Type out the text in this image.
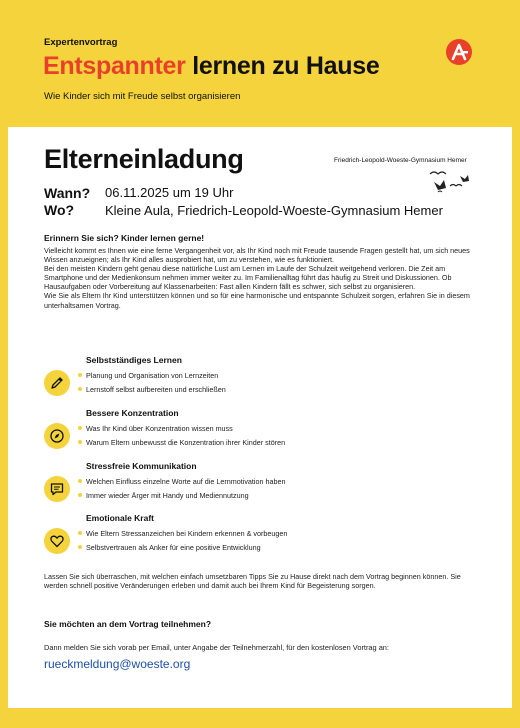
Expertenvortrag
Entspannter lernen zu Hause
Wie Kinder sich mit Freude selbst organisieren
Elterneinladung	Friedrich-Leopold-Woeste-Gymnasium Hemer
Wann? 06.11.2025 um 19 Uhr
Wo? Kleine Aula, Friedrich-Leopold-Woeste-Gymnasium Hemer
Erinnern Sie sich? Kinder lernen gerne!

Vielleicht kommt es Ihnen wie eine ferne Vergangenheit vor, als Ihr Kind noch mit Freude tausende Fragen gestellt hat, um sich neues Wissen anzueignen; als Ihr Kind alles ausprobiert hat, um zu verstehen, wie es funktioniert.

Bei den meisten Kindern geht genau diese natürliche Lust am Lernen im Laufe der Schulzeit weitgehend verloren. Die Zeit am Smartphone und der Medienkonsum nehmen immer weiter zu. Im Familienalltag führt das häufig zu Streit und Diskussionen. Ob Hausaufgaben oder Vorbereitung auf Klassenarbeiten: Fast allen Kindern fällt es schwer, sich selbst zu organisieren.

Wie Sie als Eltern Ihr Kind unterstützen können und so für eine harmonische und entspannte Schulzeit sorgen, erfahren Sie in diesem unterhaltsamen Vortrag.

Selbstständiges Lernen
Planung und Organisation von Lernzeiten
Lernstoff selbst aufbereiten und erschließen
Bessere Konzentration
Was Ihr Kind über Konzentration wissen muss
Warum Eltern unbewusst die Konzentration ihrer Kinder stören
Stressfreie Kommunikation
Welchen Einfluss einzelne Worte auf die Lernmotivation haben
Immer wieder Ärger mit Handy und Mediennutzung
Emotionale Kraft
Wie Eltern Stressanzeichen bei Kindern erkennen & vorbeugen
Selbstvertrauen als Anker für eine positive Entwicklung
Lassen Sie sich überraschen, mit welchen einfach umsetzbaren Tipps Sie zu Hause direkt nach dem Vortrag beginnen können. Sie werden schnell positive Veränderungen erleben und damit auch bei Ihrem Kind für Begeisterung sorgen.
Sie möchten an dem Vortrag teilnehmen?
Dann melden Sie sich vorab per Email, unter Angabe der Teilnehmerzahl, für den kostenlosen Vortrag an:
rueckmeldung@woeste.org
